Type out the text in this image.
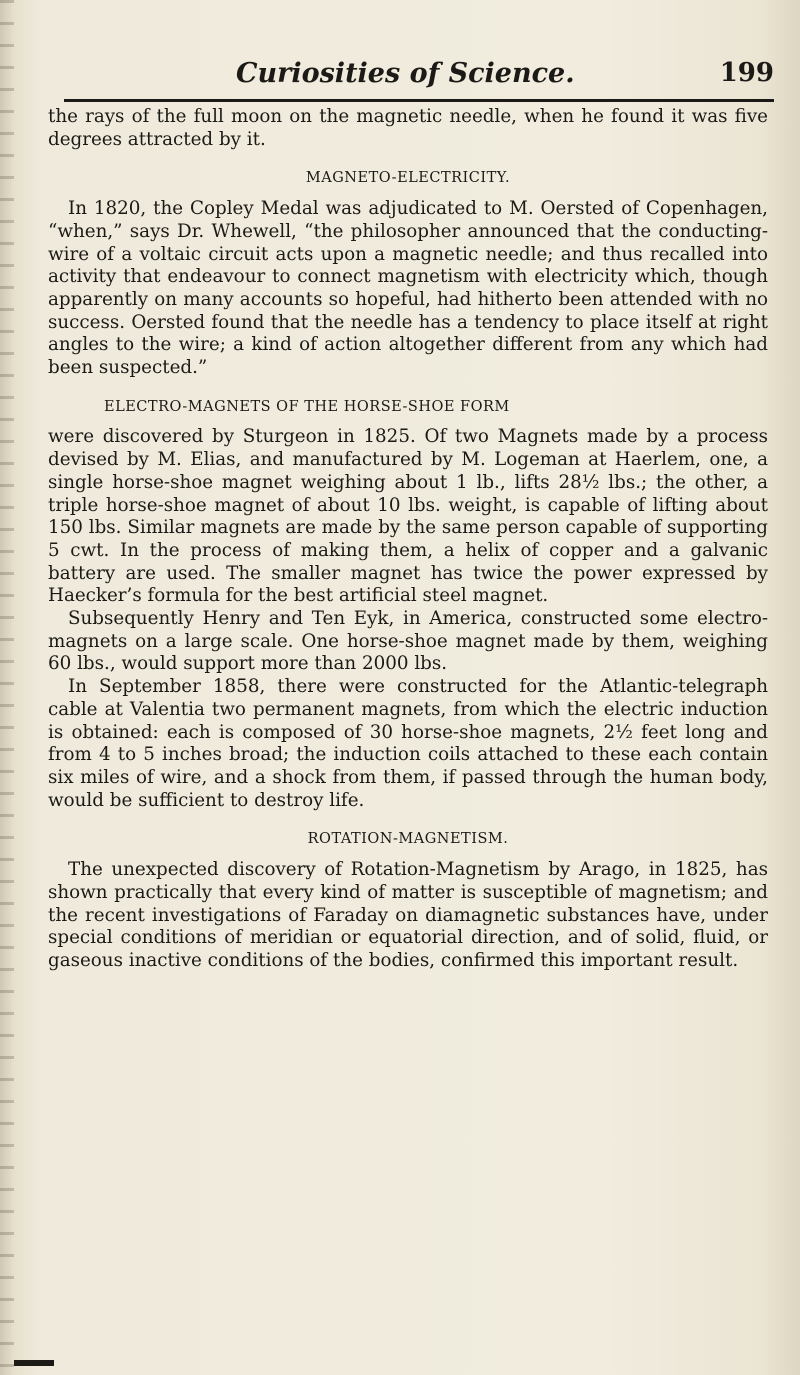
Curiosities of Science.	199

the rays of the full moon on the magnetic needle, when he found it was five degrees attracted by it.

MAGNETO-ELECTRICITY.

In 1820, the Copley Medal was adjudicated to M. Oersted of Copenhagen, “when,” says Dr. Whewell, “the philosopher announced that the conducting-wire of a voltaic circuit acts upon a magnetic needle; and thus recalled into activity that endeavour to connect magnetism with electricity which, though apparently on many accounts so hopeful, had hitherto been attended with no success. Oersted found that the needle has a tendency to place itself at right angles to the wire; a kind of action altogether different from any which had been suspected.”

ELECTRO-MAGNETS OF THE HORSE-SHOE FORM

were discovered by Sturgeon in 1825. Of two Magnets made by a process devised by M. Elias, and manufactured by M. Logeman at Haerlem, one, a single horse-shoe magnet weighing about 1 lb., lifts 28½ lbs.; the other, a triple horse-shoe magnet of about 10 lbs. weight, is capable of lifting about 150 lbs. Similar magnets are made by the same person capable of supporting 5 cwt. In the process of making them, a helix of copper and a galvanic battery are used. The smaller magnet has twice the power expressed by Haecker’s formula for the best artificial steel magnet.

Subsequently Henry and Ten Eyk, in America, constructed some electro-magnets on a large scale. One horse-shoe magnet made by them, weighing 60 lbs., would support more than 2000 lbs.

In September 1858, there were constructed for the Atlantic-telegraph cable at Valentia two permanent magnets, from which the electric induction is obtained: each is composed of 30 horse-shoe magnets, 2½ feet long and from 4 to 5 inches broad; the induction coils attached to these each contain six miles of wire, and a shock from them, if passed through the human body, would be sufficient to destroy life.

ROTATION-MAGNETISM.

The unexpected discovery of Rotation-Magnetism by Arago, in 1825, has shown practically that every kind of matter is susceptible of magnetism; and the recent investigations of Faraday on diamagnetic substances have, under special conditions of meridian or equatorial direction, and of solid, fluid, or gaseous inactive conditions of the bodies, confirmed this important result.
